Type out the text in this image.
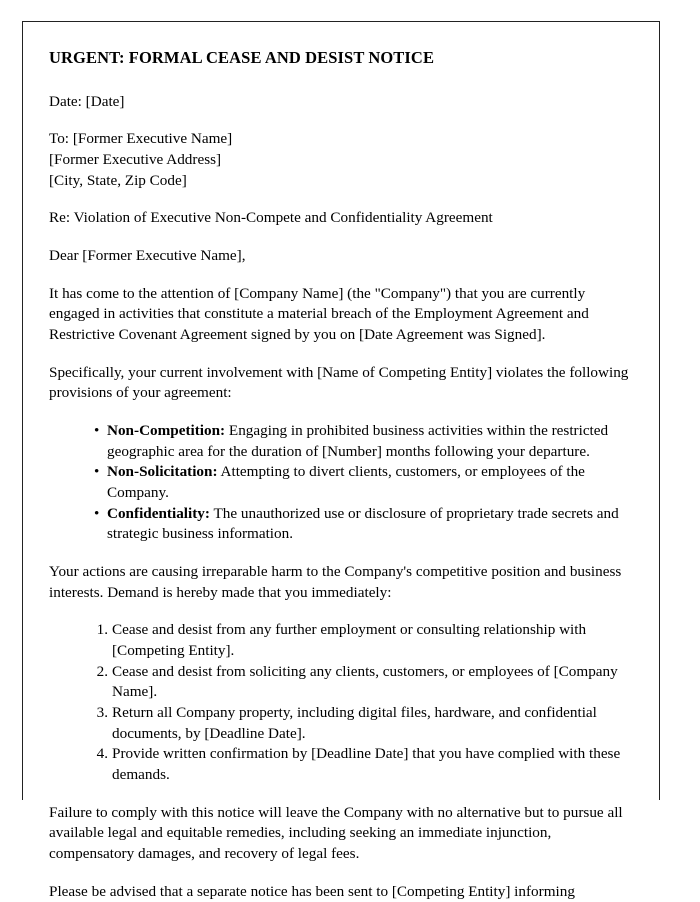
URGENT: FORMAL CEASE AND DESIST NOTICE

Date: [Date]

To: [Former Executive Name]
[Former Executive Address]
[City, State, Zip Code]

Re: Violation of Executive Non-Compete and Confidentiality Agreement

Dear [Former Executive Name],

It has come to the attention of [Company Name] (the "Company") that you are currently engaged in activities that constitute a material breach of the Employment Agreement and Restrictive Covenant Agreement signed by you on [Date Agreement was Signed].

Specifically, your current involvement with [Name of Competing Entity] violates the following provisions of your agreement:

• Non-Competition: Engaging in prohibited business activities within the restricted geographic area for the duration of [Number] months following your departure.
• Non-Solicitation: Attempting to divert clients, customers, or employees of the Company.
• Confidentiality: The unauthorized use or disclosure of proprietary trade secrets and strategic business information.

Your actions are causing irreparable harm to the Company's competitive position and business interests. Demand is hereby made that you immediately:

Cease and desist from any further employment or consulting relationship with [Competing Entity].
Cease and desist from soliciting any clients, customers, or employees of [Company Name].
Return all Company property, including digital files, hardware, and confidential documents, by [Deadline Date].
Provide written confirmation by [Deadline Date] that you have complied with these demands.

Failure to comply with this notice will leave the Company with no alternative but to pursue all available legal and equitable remedies, including seeking an immediate injunction, compensatory damages, and recovery of legal fees.

Please be advised that a separate notice has been sent to [Competing Entity] informing
